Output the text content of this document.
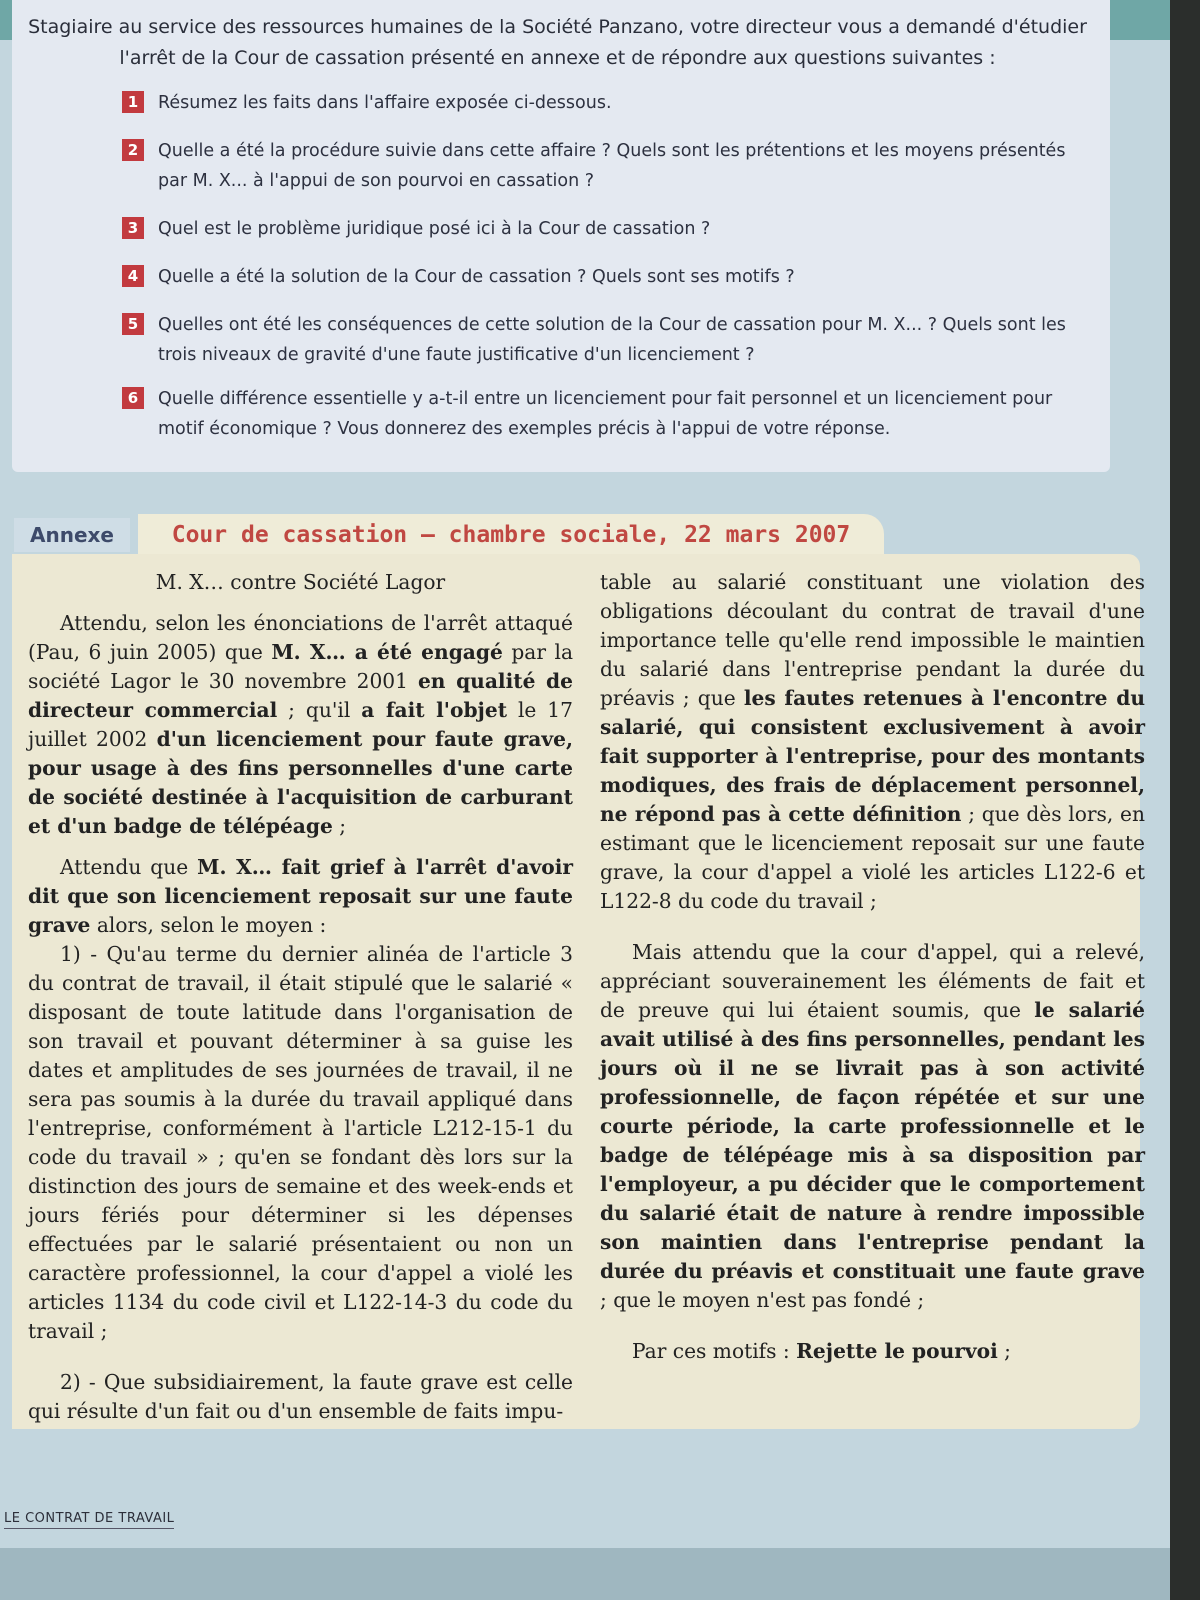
Stagiaire au service des ressources humaines de la Société Panzano, votre directeur vous a demandé d'étudier l'arrêt de la Cour de cassation présenté en annexe et de répondre aux questions suivantes :
1	Résumez les faits dans l'affaire exposée ci-dessous.
2	Quelle a été la procédure suivie dans cette affaire ? Quels sont les prétentions et les moyens présentés par M. X... à l'appui de son pourvoi en cassation ?
3	Quel est le problème juridique posé ici à la Cour de cassation ?
4	Quelle a été la solution de la Cour de cassation ? Quels sont ses motifs ?
5	Quelles ont été les conséquences de cette solution de la Cour de cassation pour M. X... ? Quels sont les trois niveaux de gravité d'une faute justificative d'un licenciement ?
6	Quelle différence essentielle y a-t-il entre un licenciement pour fait personnel et un licenciement pour motif économique ? Vous donnerez des exemples précis à l'appui de votre réponse.
Annexe	Cour de cassation – chambre sociale, 22 mars 2007

M. X… contre Société Lagor

Attendu, selon les énonciations de l'arrêt attaqué (Pau, 6 juin 2005) que M. X… a été engagé par la société Lagor le 30 novembre 2001 en qualité de directeur commercial ; qu'il a fait l'objet le 17 juillet 2002 d'un licenciement pour faute grave, pour usage à des fins personnelles d'une carte de société destinée à l'acquisition de carburant et d'un badge de télépéage ;

Attendu que M. X… fait grief à l'arrêt d'avoir dit que son licenciement reposait sur une faute grave alors, selon le moyen :

1) - Qu'au terme du dernier alinéa de l'article 3 du contrat de travail, il était stipulé que le salarié « disposant de toute latitude dans l'organisation de son travail et pouvant déterminer à sa guise les dates et amplitudes de ses journées de travail, il ne sera pas soumis à la durée du travail appliqué dans l'entreprise, conformément à l'article L212-15-1 du code du travail » ; qu'en se fondant dès lors sur la distinction des jours de semaine et des week-ends et jours fériés pour déterminer si les dépenses effectuées par le salarié présentaient ou non un caractère professionnel, la cour d'appel a violé les articles 1134 du code civil et L122-14-3 du code du travail ;

2) - Que subsidiairement, la faute grave est celle qui résulte d'un fait ou d'un ensemble de faits impu-

table au salarié constituant une violation des obligations découlant du contrat de travail d'une importance telle qu'elle rend impossible le maintien du salarié dans l'entreprise pendant la durée du préavis ; que les fautes retenues à l'encontre du salarié, qui consistent exclusivement à avoir fait supporter à l'entreprise, pour des montants modiques, des frais de déplacement personnel, ne répond pas à cette définition ; que dès lors, en estimant que le licenciement reposait sur une faute grave, la cour d'appel a violé les articles L122-6 et L122-8 du code du travail ;

Mais attendu que la cour d'appel, qui a relevé, appréciant souverainement les éléments de fait et de preuve qui lui étaient soumis, que le salarié avait utilisé à des fins personnelles, pendant les jours où il ne se livrait pas à son activité professionnelle, de façon répétée et sur une courte période, la carte professionnelle et le badge de télépéage mis à sa disposition par l'employeur, a pu décider que le comportement du salarié était de nature à rendre impossible son maintien dans l'entreprise pendant la durée du préavis et constituait une faute grave ; que le moyen n'est pas fondé ;

Par ces motifs : Rejette le pourvoi ;

LE CONTRAT DE TRAVAIL
